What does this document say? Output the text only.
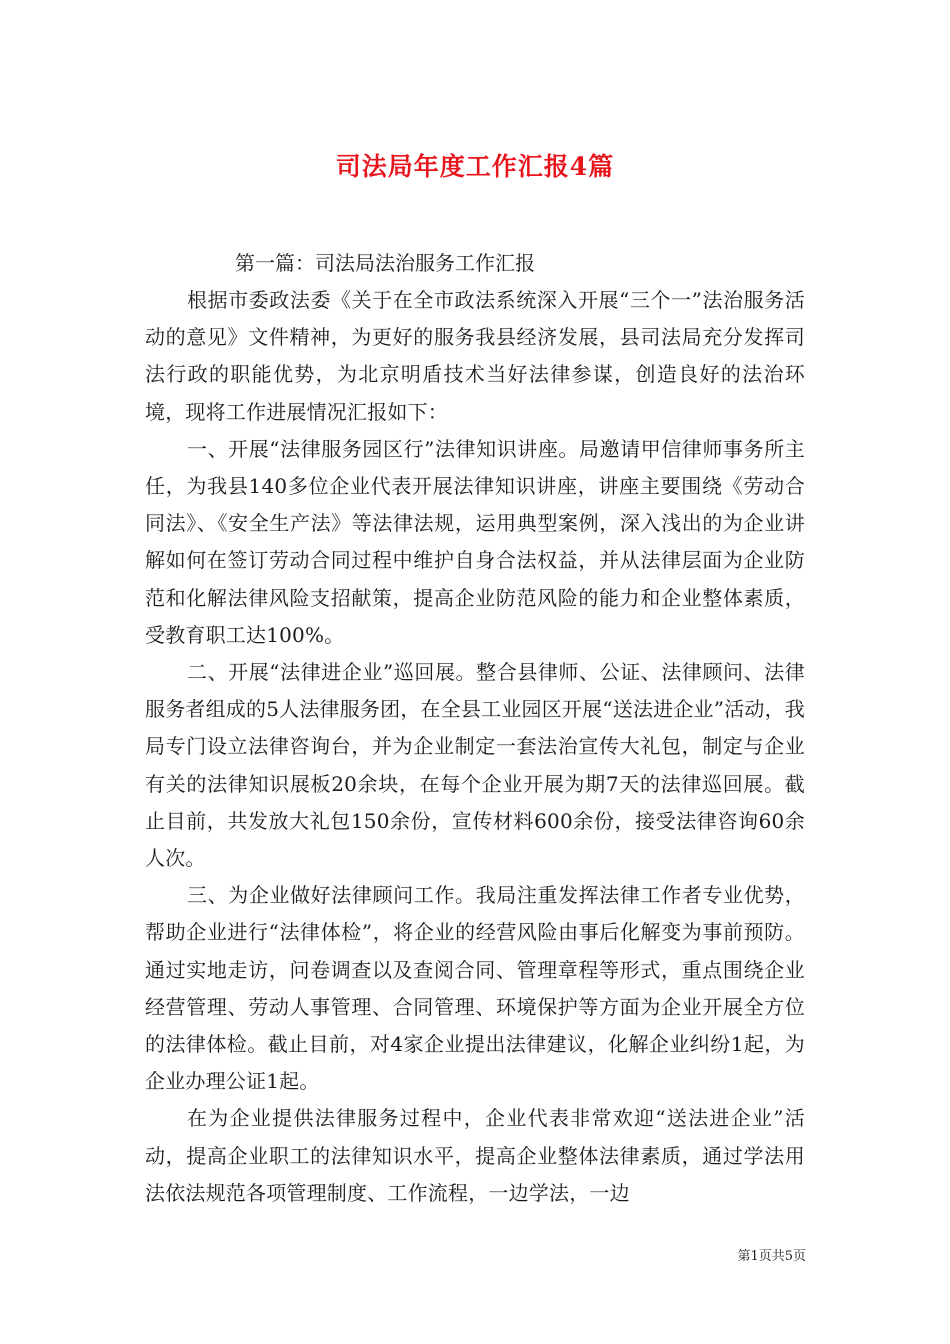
司法局年度工作汇报4篇

第一篇：司法局法治服务工作汇报

根据市委政法委《关于在全市政法系统深入开展“三个一”法治服务活动的意见》文件精神，为更好的服务我县经济发展，县司法局充分发挥司法行政的职能优势，为北京明盾技术当好法律参谋，创造良好的法治环境，现将工作进展情况汇报如下：

一、开展“法律服务园区行”法律知识讲座。局邀请甲信律师事务所主任，为我县140多位企业代表开展法律知识讲座，讲座主要围绕《劳动合同法》、《安全生产法》等法律法规，运用典型案例，深入浅出的为企业讲解如何在签订劳动合同过程中维护自身合法权益，并从法律层面为企业防范和化解法律风险支招献策，提高企业防范风险的能力和企业整体素质，受教育职工达100%。

二、开展“法律进企业”巡回展。整合县律师、公证、法律顾问、法律服务者组成的5人法律服务团，在全县工业园区开展“送法进企业”活动，我局专门设立法律咨询台，并为企业制定一套法治宣传大礼包，制定与企业有关的法律知识展板20余块，在每个企业开展为期7天的法律巡回展。截止目前，共发放大礼包150余份，宣传材料600余份，接受法律咨询60余人次。

三、为企业做好法律顾问工作。我局注重发挥法律工作者专业优势，帮助企业进行“法律体检”，将企业的经营风险由事后化解变为事前预防。通过实地走访，问卷调查以及查阅合同、管理章程等形式，重点围绕企业经营管理、劳动人事管理、合同管理、环境保护等方面为企业开展全方位的法律体检。截止目前，对4家企业提出法律建议，化解企业纠纷1起，为企业办理公证1起。

在为企业提供法律服务过程中，企业代表非常欢迎“送法进企业”活动，提高企业职工的法律知识水平，提高企业整体法律素质，通过学法用法依法规范各项管理制度、工作流程，一边学法，一边

第1页共5页
